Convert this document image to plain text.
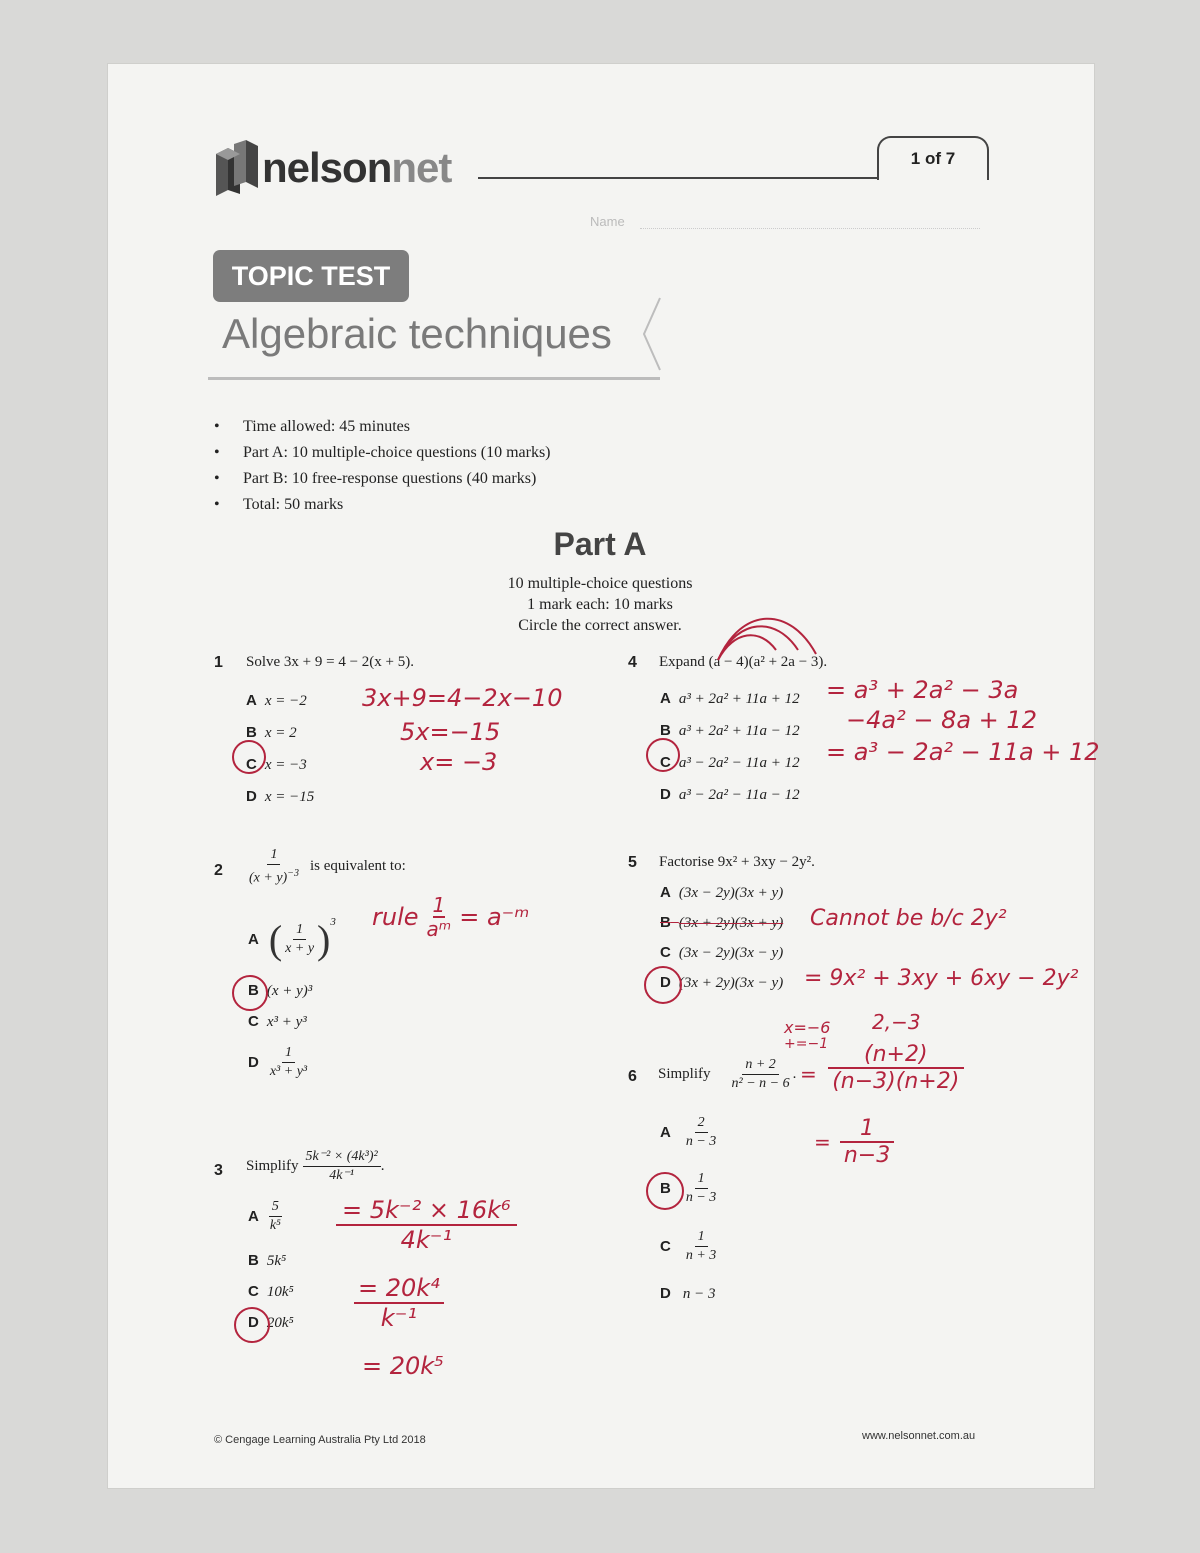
nelsonnet	1 of 7
Name
TOPIC TEST
Algebraic techniques
• Time allowed: 45 minutes
• Part A: 10 multiple-choice questions (10 marks)
• Part B: 10 free-response questions (40 marks)
• Total: 50 marks
Part A
10 multiple-choice questions
1 mark each: 10 marks
Circle the correct answer.
1 Solve 3x + 9 = 4 − 2(x + 5).
A x = −2
B x = 2
C x = −3
D x = −15
3x+9=4−2x−10
5x=−15
x= −3
$2 \frac{1}{(x + y)^{-3}}$ is equivalent to:
A ( $\frac{1}{x + y} )^3$
B (x + y)³
C x³ + y³
D
$\frac{1}{\text{x³ + y³}}$
rule $\frac{1}{\text{aᵐ}}$ = a⁻ᵐ
3 Simplify $\frac{\text{5k⁻² × (4k³)²}}{\text{4k⁻¹}}$ .
A
$\frac{5}{\text{k⁵}}$
B 5k⁵
C 10k⁵
D 20k⁵
$\frac{\text{= 5k⁻² × 16k⁶}}{\text{4k⁻¹}}$
$\frac{\text{= 20k⁴}}{\text{k⁻¹}}$
= 20k⁵
4 Expand (a − 4)(a² + 2a − 3).
A a³ + 2a² + 11a + 12
B a³ + 2a² + 11a − 12
C a³ − 2a² − 11a + 12
D a³ − 2a² − 11a − 12
= a³ + 2a² − 3a
−4a² − 8a + 12
= a³ − 2a² − 11a + 12
5 Factorise 9x² + 3xy − 2y².
A (3x − 2y)(3x + y)
B (3x + 2y)(3x + y) Cannot be b/c 2y²
C (3x − 2y)(3x − y)
D (3x + 2y)(3x − y) = 9x² + 3xy + 6xy − 2y²
6 Simplify $\frac{n + 2}{\text{n² − n − 6}}$ .
x=−6
+=−1
2,−3
= $\frac{(n+2)}{(n-3)(n+2)}$
= $\frac{1}{n-3}$
A
$\frac{2}{n - 3}$
B
$\frac{1}{n - 3}$
C
$\frac{1}{n + 3}$
D n − 3
© Cengage Learning Australia Pty Ltd 2018	www.nelsonnet.com.au
